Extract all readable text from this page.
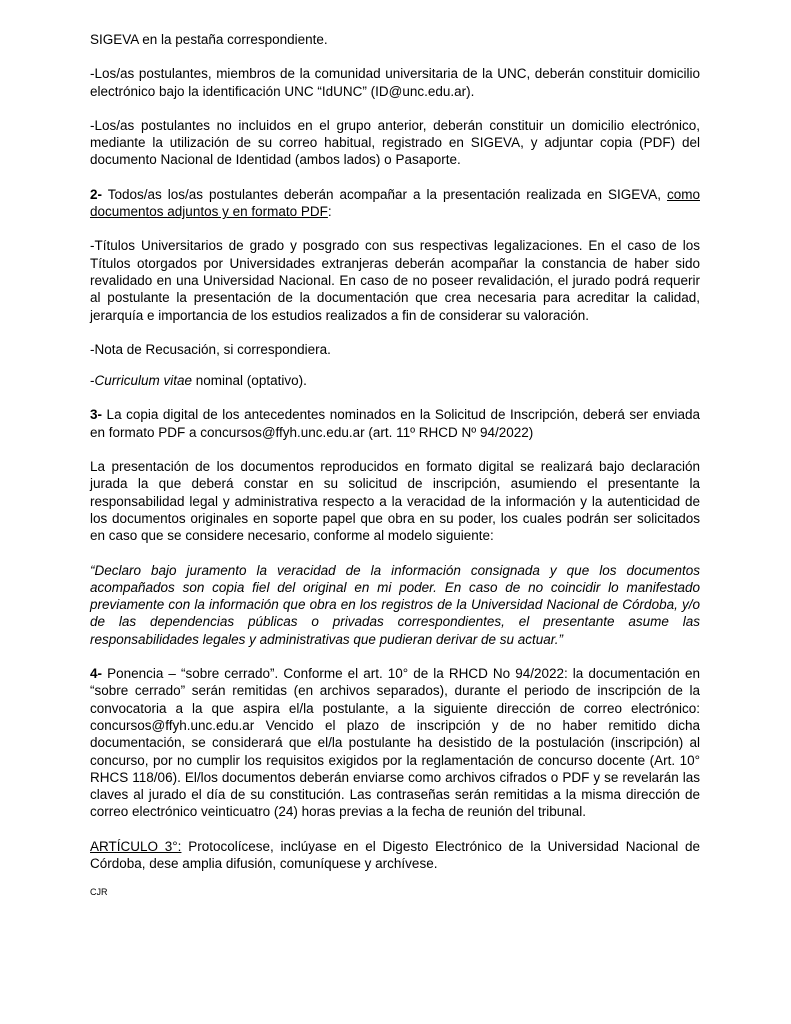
SIGEVA en la pestaña correspondiente.

-Los/as postulantes, miembros de la comunidad universitaria de la UNC, deberán constituir domicilio electrónico bajo la identificación UNC “IdUNC” (ID@unc.edu.ar).

-Los/as postulantes no incluidos en el grupo anterior, deberán constituir un domicilio electrónico, mediante la utilización de su correo habitual, registrado en SIGEVA, y adjuntar copia (PDF) del documento Nacional de Identidad (ambos lados) o Pasaporte.

2- Todos/as los/as postulantes deberán acompañar a la presentación realizada en SIGEVA, como documentos adjuntos y en formato PDF:

-Títulos Universitarios de grado y posgrado con sus respectivas legalizaciones. En el caso de los Títulos otorgados por Universidades extranjeras deberán acompañar la constancia de haber sido revalidado en una Universidad Nacional. En caso de no poseer revalidación, el jurado podrá requerir al postulante la presentación de la documentación que crea necesaria para acreditar la calidad, jerarquía e importancia de los estudios realizados a fin de considerar su valoración.

-Nota de Recusación, si correspondiera.

-Curriculum vitae nominal (optativo).

3- La copia digital de los antecedentes nominados en la Solicitud de Inscripción, deberá ser enviada en formato PDF a concursos@ffyh.unc.edu.ar (art. 11º RHCD Nº 94/2022)

La presentación de los documentos reproducidos en formato digital se realizará bajo declaración jurada la que deberá constar en su solicitud de inscripción, asumiendo el presentante la responsabilidad legal y administrativa respecto a la veracidad de la información y la autenticidad de los documentos originales en soporte papel que obra en su poder, los cuales podrán ser solicitados en caso que se considere necesario, conforme al modelo siguiente:

“Declaro bajo juramento la veracidad de la información consignada y que los documentos acompañados son copia fiel del original en mi poder. En caso de no coincidir lo manifestado previamente con la información que obra en los registros de la Universidad Nacional de Córdoba, y/o de las dependencias públicas o privadas correspondientes, el presentante asume las responsabilidades legales y administrativas que pudieran derivar de su actuar.”

4- Ponencia – “sobre cerrado”. Conforme el art. 10° de la RHCD No 94/2022: la documentación en “sobre cerrado” serán remitidas (en archivos separados), durante el periodo de inscripción de la convocatoria a la que aspira el/la postulante, a la siguiente dirección de correo electrónico: concursos@ffyh.unc.edu.ar Vencido el plazo de inscripción y de no haber remitido dicha documentación, se considerará que el/la postulante ha desistido de la postulación (inscripción) al concurso, por no cumplir los requisitos exigidos por la reglamentación de concurso docente (Art. 10° RHCS 118/06). El/los documentos deberán enviarse como archivos cifrados o PDF y se revelarán las claves al jurado el día de su constitución. Las contraseñas serán remitidas a la misma dirección de correo electrónico veinticuatro (24) horas previas a la fecha de reunión del tribunal.

ARTÍCULO 3°: Protocolícese, inclúyase en el Digesto Electrónico de la Universidad Nacional de Córdoba, dese amplia difusión, comuníquese y archívese.

CJR
